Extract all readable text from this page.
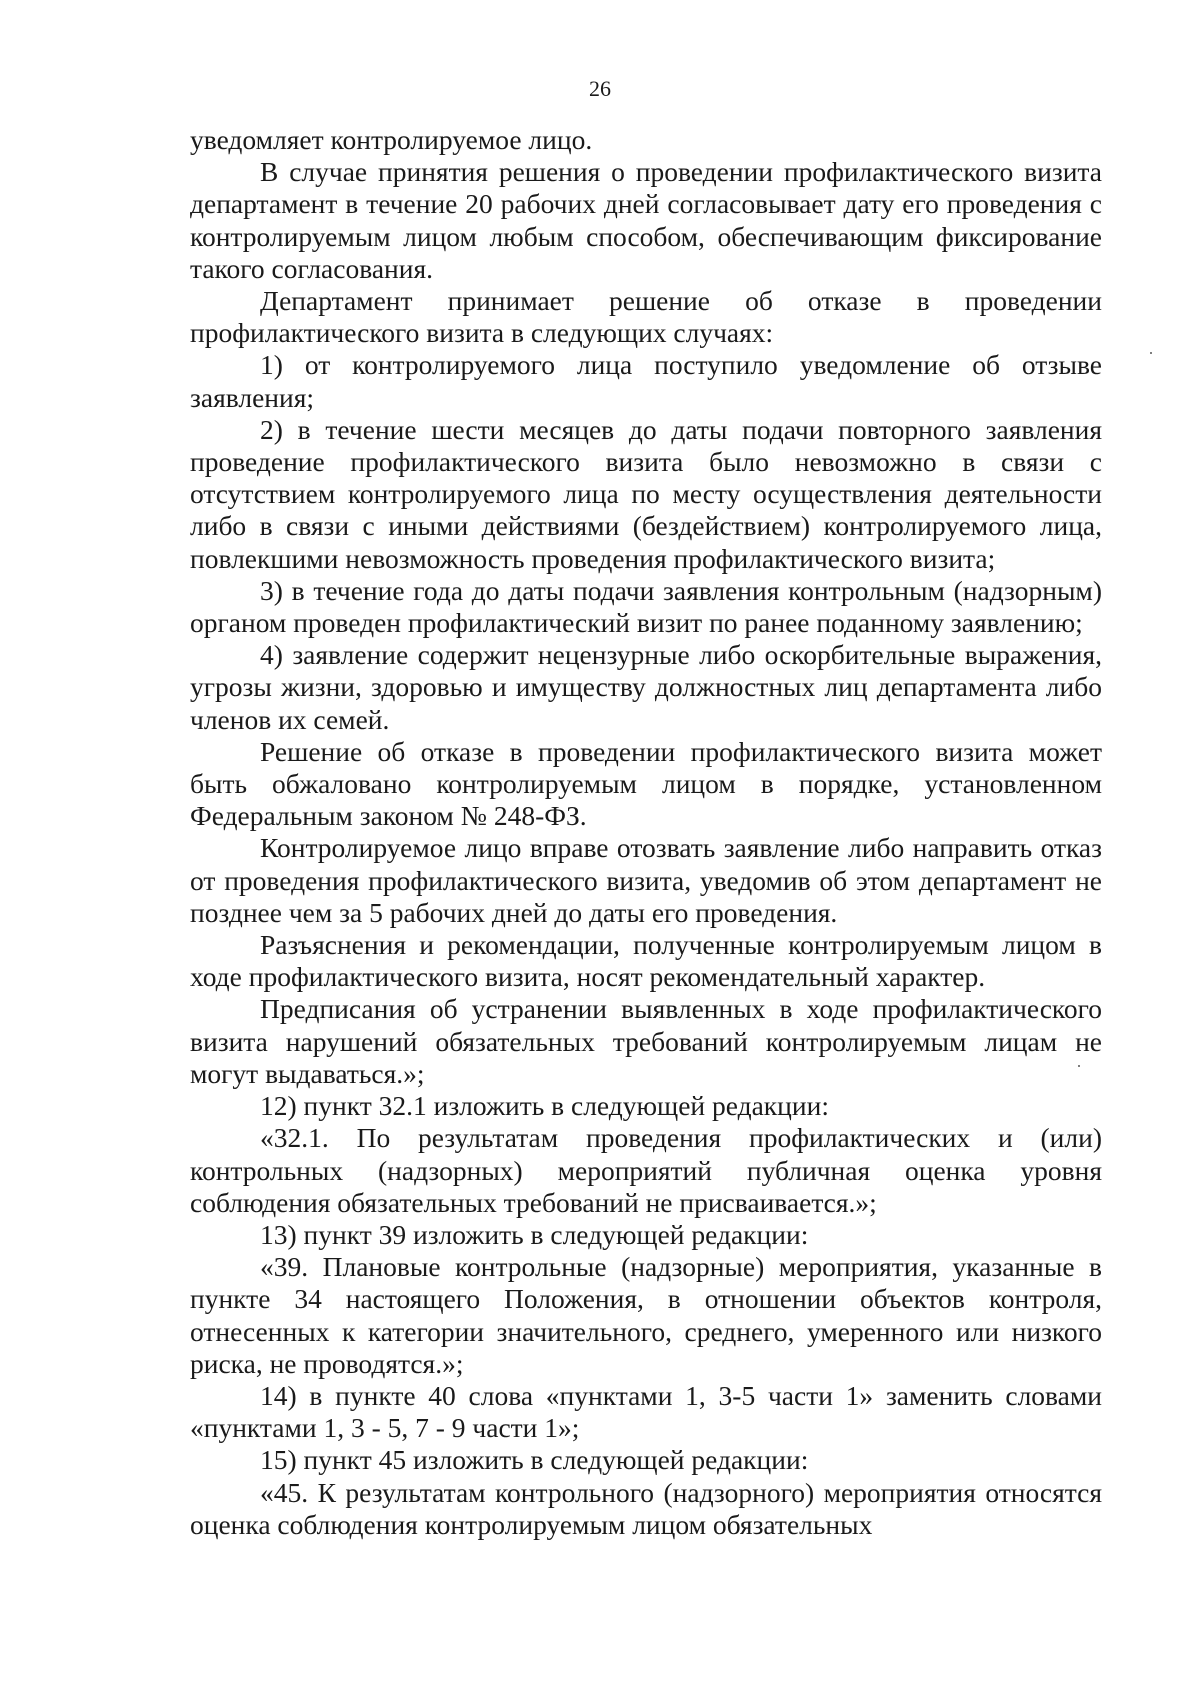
26

уведомляет контролируемое лицо.

В случае принятия решения о проведении профилактического визита департамент в течение 20 рабочих дней согласовывает дату его проведения с контролируемым лицом любым способом, обеспечивающим фиксирование такого согласования.

Департамент принимает решение об отказе в проведении профилактического визита в следующих случаях:

1) от контролируемого лица поступило уведомление об отзыве заявления;

2) в течение шести месяцев до даты подачи повторного заявления проведение профилактического визита было невозможно в связи с отсутствием контролируемого лица по месту осуществления деятельности либо в связи с иными действиями (бездействием) контролируемого лица, повлекшими невозможность проведения профилактического визита;

3) в течение года до даты подачи заявления контрольным (надзорным) органом проведен профилактический визит по ранее поданному заявлению;

4) заявление содержит нецензурные либо оскорбительные выражения, угрозы жизни, здоровью и имуществу должностных лиц департамента либо членов их семей.

Решение об отказе в проведении профилактического визита может быть обжаловано контролируемым лицом в порядке, установленном Федеральным законом № 248-ФЗ.

Контролируемое лицо вправе отозвать заявление либо направить отказ от проведения профилактического визита, уведомив об этом департамент не позднее чем за 5 рабочих дней до даты его проведения.

Разъяснения и рекомендации, полученные контролируемым лицом в ходе профилактического визита, носят рекомендательный характер.

Предписания об устранении выявленных в ходе профилактического визита нарушений обязательных требований контролируемым лицам не могут выдаваться.»;

12) пункт 32.1 изложить в следующей редакции:

«32.1. По результатам проведения профилактических и (или) контрольных (надзорных) мероприятий публичная оценка уровня соблюдения обязательных требований не присваивается.»;

13) пункт 39 изложить в следующей редакции:

«39. Плановые контрольные (надзорные) мероприятия, указанные в пункте 34 настоящего Положения, в отношении объектов контроля, отнесенных к категории значительного, среднего, умеренного или низкого риска, не проводятся.»;

14) в пункте 40 слова «пунктами 1, 3-5 части 1» заменить словами «пунктами 1, 3 - 5, 7 - 9 части 1»;

15) пункт 45 изложить в следующей редакции:

«45. К результатам контрольного (надзорного) мероприятия относятся оценка соблюдения контролируемым лицом обязательных
